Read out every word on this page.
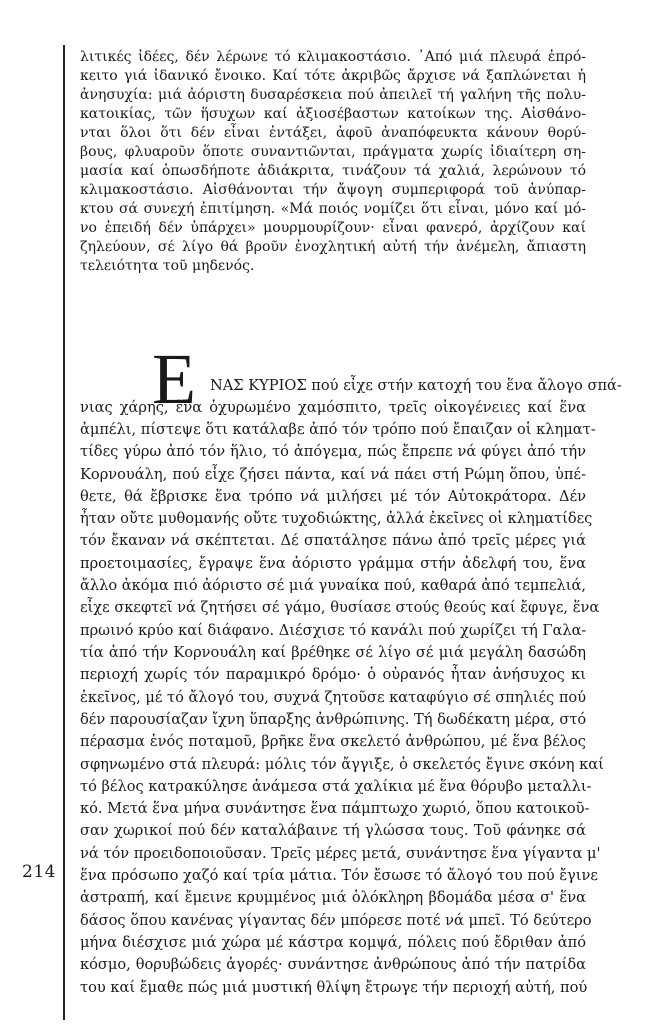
214

λιτικές ἰδέες, δέν λέρωνε τό κλιμακοστάσιο. ᾽Από μιά πλευρά ἐπρό-

κειτο γιά ἰδανικό ἔνοικο. Καί τότε ἀκριβῶς ἄρχισε νά ξαπλώνεται ἡ

ἀνησυχία: μιά ἀόριστη δυσαρέσκεια πού ἀπειλεῖ τή γαλήνη τῆς πολυ-

κατοικίας, τῶν ἥσυχων καί ἀξιοσέβαστων κατοίκων της. Αἰσθάνο-

νται ὅλοι ὅτι δέν εἶναι ἐντάξει, ἀφοῦ ἀναπόφευκτα κάνουν θορύ-

βους, φλυαροῦν ὅποτε συναντιῶνται, πράγματα χωρίς ἰδιαίτερη ση-

μασία καί ὁπωσδήποτε ἀδιάκριτα, τινάζουν τά χαλιά, λερώνουν τό

κλιμακοστάσιο. Αἰσθάνονται τήν ἄψογη συμπεριφορά τοῦ ἀνύπαρ-

κτου σά συνεχή ἐπιτίμηση. «Μά ποιός νομίζει ὅτι εἶναι, μόνο καί μό-

νο ἐπειδή δέν ὑπάρχει» μουρμουρίζουν· εἶναι φανερό, ἀρχίζουν καί

ζηλεύουν, σέ λίγο θά βροῦν ἐνοχλητική αὐτή τήν ἀνέμελη, ἄπιαστη

τελειότητα τοῦ μηδενός.

Ε ΝΑΣ ΚΥΡΙΟΣ πού εἶχε στήν κατοχή του ἕνα ἄλογο σπά-

νιας χάρης, ἕνα ὀχυρωμένο χαμόσπιτο, τρεῖς οἰκογένειες καί ἕνα

ἀμπέλι, πίστεψε ὅτι κατάλαβε ἀπό τόν τρόπο πού ἔπαιζαν οἱ κληματ-

τίδες γύρω ἀπό τόν ἥλιο, τό ἀπόγεμα, πώς ἔπρεπε νά φύγει ἀπό τήν

Κορνουάλη, πού εἶχε ζήσει πάντα, καί νά πάει στή Ρώμη ὅπου, ὑπέ-

θετε, θά ἔβρισκε ἕνα τρόπο νά μιλήσει μέ τόν Αὐτοκράτορα. Δέν

ἦταν οὔτε μυθομανής οὔτε τυχοδιώκτης, ἀλλά ἐκεῖνες οἱ κληματίδες

τόν ἔκαναν νά σκέπτεται. Δέ σπατάλησε πάνω ἀπό τρεῖς μέρες γιά

προετοιμασίες, ἔγραψε ἕνα ἀόριστο γράμμα στήν ἀδελφή του, ἕνα

ἄλλο ἀκόμα πιό ἀόριστο σέ μιά γυναίκα πού, καθαρά ἀπό τεμπελιά,

εἶχε σκεφτεῖ νά ζητήσει σέ γάμο, θυσίασε στούς θεούς καί ἔφυγε, ἕνα

πρωινό κρύο καί διάφανο. Διέσχισε τό κανάλι πού χωρίζει τή Γαλα-

τία ἀπό τήν Κορνουάλη καί βρέθηκε σέ λίγο σέ μιά μεγάλη δασώδη

περιοχή χωρίς τόν παραμικρό δρόμο· ὁ οὐρανός ἦταν ἀνήσυχος κι

ἐκεῖνος, μέ τό ἄλογό του, συχνά ζητοῦσε καταφύγιο σέ σπηλιές πού

δέν παρουσίαζαν ἴχνη ὕπαρξης ἀνθρώπινης. Τή δωδέκατη μέρα, στό

πέρασμα ἑνός ποταμοῦ, βρῆκε ἕνα σκελετό ἀνθρώπου, μέ ἕνα βέλος

σφηνωμένο στά πλευρά: μόλις τόν ἄγγιξε, ὁ σκελετός ἔγινε σκόνη καί

τό βέλος κατρακύλησε ἀνάμεσα στά χαλίκια μέ ἕνα θόρυβο μεταλλι-

κό. Μετά ἕνα μήνα συνάντησε ἕνα πάμπτωχο χωριό, ὅπου κατοικοῦ-

σαν χωρικοί πού δέν καταλάβαινε τή γλώσσα τους. Τοῦ φάνηκε σά

νά τόν προειδοποιοῦσαν. Τρεῖς μέρες μετά, συνάντησε ἕνα γίγαντα μ'

ἕνα πρόσωπο χαζό καί τρία μάτια. Τόν ἔσωσε τό ἄλογό του πού ἔγινε

ἀστραπή, καί ἔμεινε κρυμμένος μιά ὁλόκληρη βδομάδα μέσα σ' ἕνα

δάσος ὅπου κανένας γίγαντας δέν μπόρεσε ποτέ νά μπεῖ. Τό δεύτερο

μήνα διέσχισε μιά χώρα μέ κάστρα κομψά, πόλεις πού ἔδριθαν ἀπό

κόσμο, θορυβώδεις ἀγορές· συνάντησε ἀνθρώπους ἀπό τήν πατρίδα

του καί ἔμαθε πώς μιά μυστική θλίψη ἔτρωγε τήν περιοχή αὐτή, πού
